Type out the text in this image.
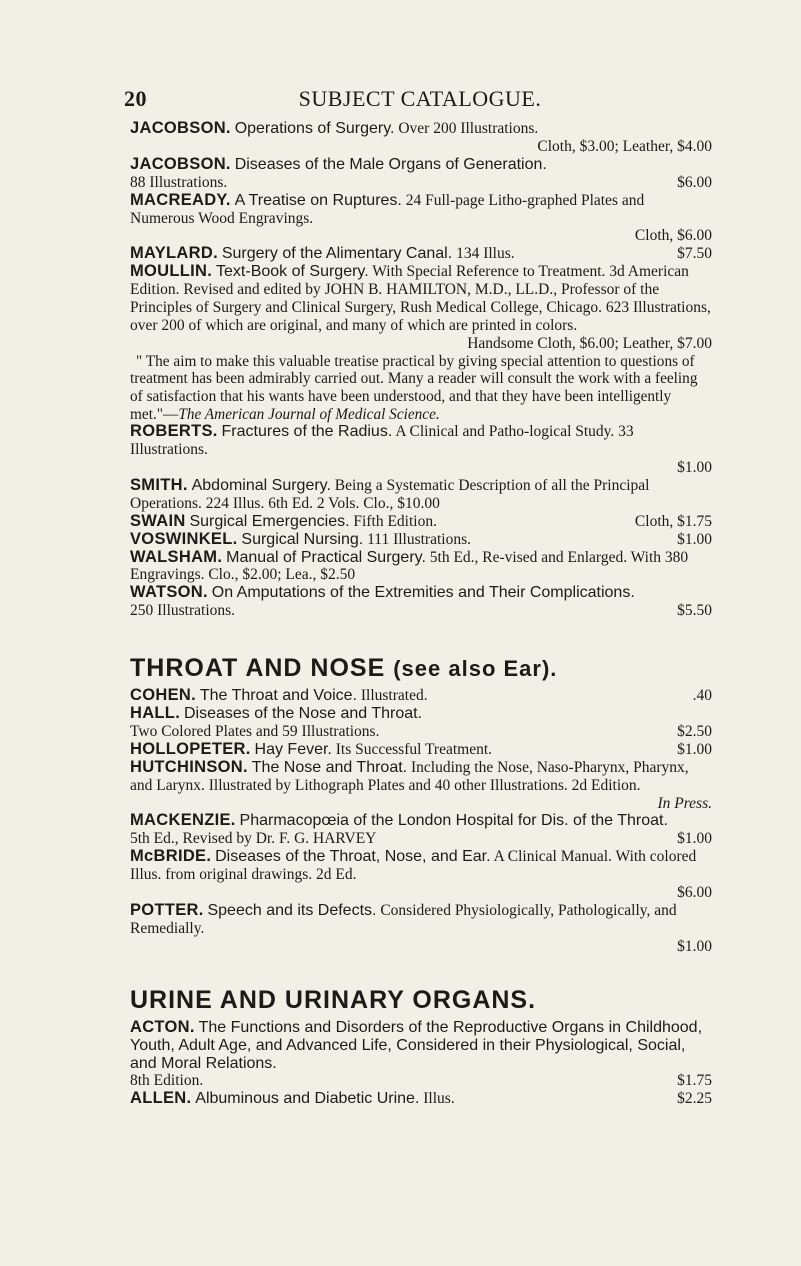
20	SUBJECT CATALOGUE.
JACOBSON. Operations of Surgery. Over 200 Illustrations.
Cloth, $3.00; Leather, $4.00
JACOBSON. Diseases of the Male Organs of Generation.
88 Illustrations.	$6.00
MACREADY. A Treatise on Ruptures. 24 Full-page Litho-graphed Plates and Numerous Wood Engravings.
Cloth, $6.00
MAYLARD. Surgery of the Alimentary Canal. 134 Illus.	$7.50
MOULLIN. Text-Book of Surgery. With Special Reference to Treatment. 3d American Edition. Revised and edited by JOHN B. HAMILTON, M.D., LL.D., Professor of the Principles of Surgery and Clinical Surgery, Rush Medical College, Chicago. 623 Illustrations, over 200 of which are original, and many of which are printed in colors.
Handsome Cloth, $6.00; Leather, $7.00
" The aim to make this valuable treatise practical by giving special attention to questions of treatment has been admirably carried out. Many a reader will consult the work with a feeling of satisfaction that his wants have been understood, and that they have been intelligently met."—The American Journal of Medical Science.
ROBERTS. Fractures of the Radius. A Clinical and Patho-logical Study. 33 Illustrations.
$1.00
SMITH. Abdominal Surgery. Being a Systematic Description of all the Principal Operations. 224 Illus. 6th Ed. 2 Vols. Clo., $10.00
SWAIN Surgical Emergencies. Fifth Edition.	Cloth, $1.75
VOSWINKEL. Surgical Nursing. 111 Illustrations.	$1.00
WALSHAM. Manual of Practical Surgery. 5th Ed., Re-vised and Enlarged. With 380 Engravings. Clo., $2.00; Lea., $2.50
WATSON. On Amputations of the Extremities and Their Complications.
250 Illustrations.	$5.50
THROAT AND NOSE (see also Ear).
COHEN. The Throat and Voice. Illustrated.	.40
HALL. Diseases of the Nose and Throat.
Two Colored Plates and 59 Illustrations.	$2.50
HOLLOPETER. Hay Fever. Its Successful Treatment.	$1.00
HUTCHINSON. The Nose and Throat. Including the Nose, Naso-Pharynx, Pharynx, and Larynx. Illustrated by Lithograph Plates and 40 other Illustrations. 2d Edition.
In Press.
MACKENZIE. Pharmacopœia of the London Hospital for Dis. of the Throat.
5th Ed., Revised by Dr. F. G. HARVEY	$1.00
McBRIDE. Diseases of the Throat, Nose, and Ear. A Clinical Manual. With colored Illus. from original drawings. 2d Ed.
$6.00
POTTER. Speech and its Defects. Considered Physiologically, Pathologically, and Remedially.
$1.00
URINE AND URINARY ORGANS.
ACTON. The Functions and Disorders of the Reproductive Organs in Childhood, Youth, Adult Age, and Advanced Life, Considered in their Physiological, Social, and Moral Relations.
8th Edition.	$1.75
ALLEN. Albuminous and Diabetic Urine. Illus.	$2.25
